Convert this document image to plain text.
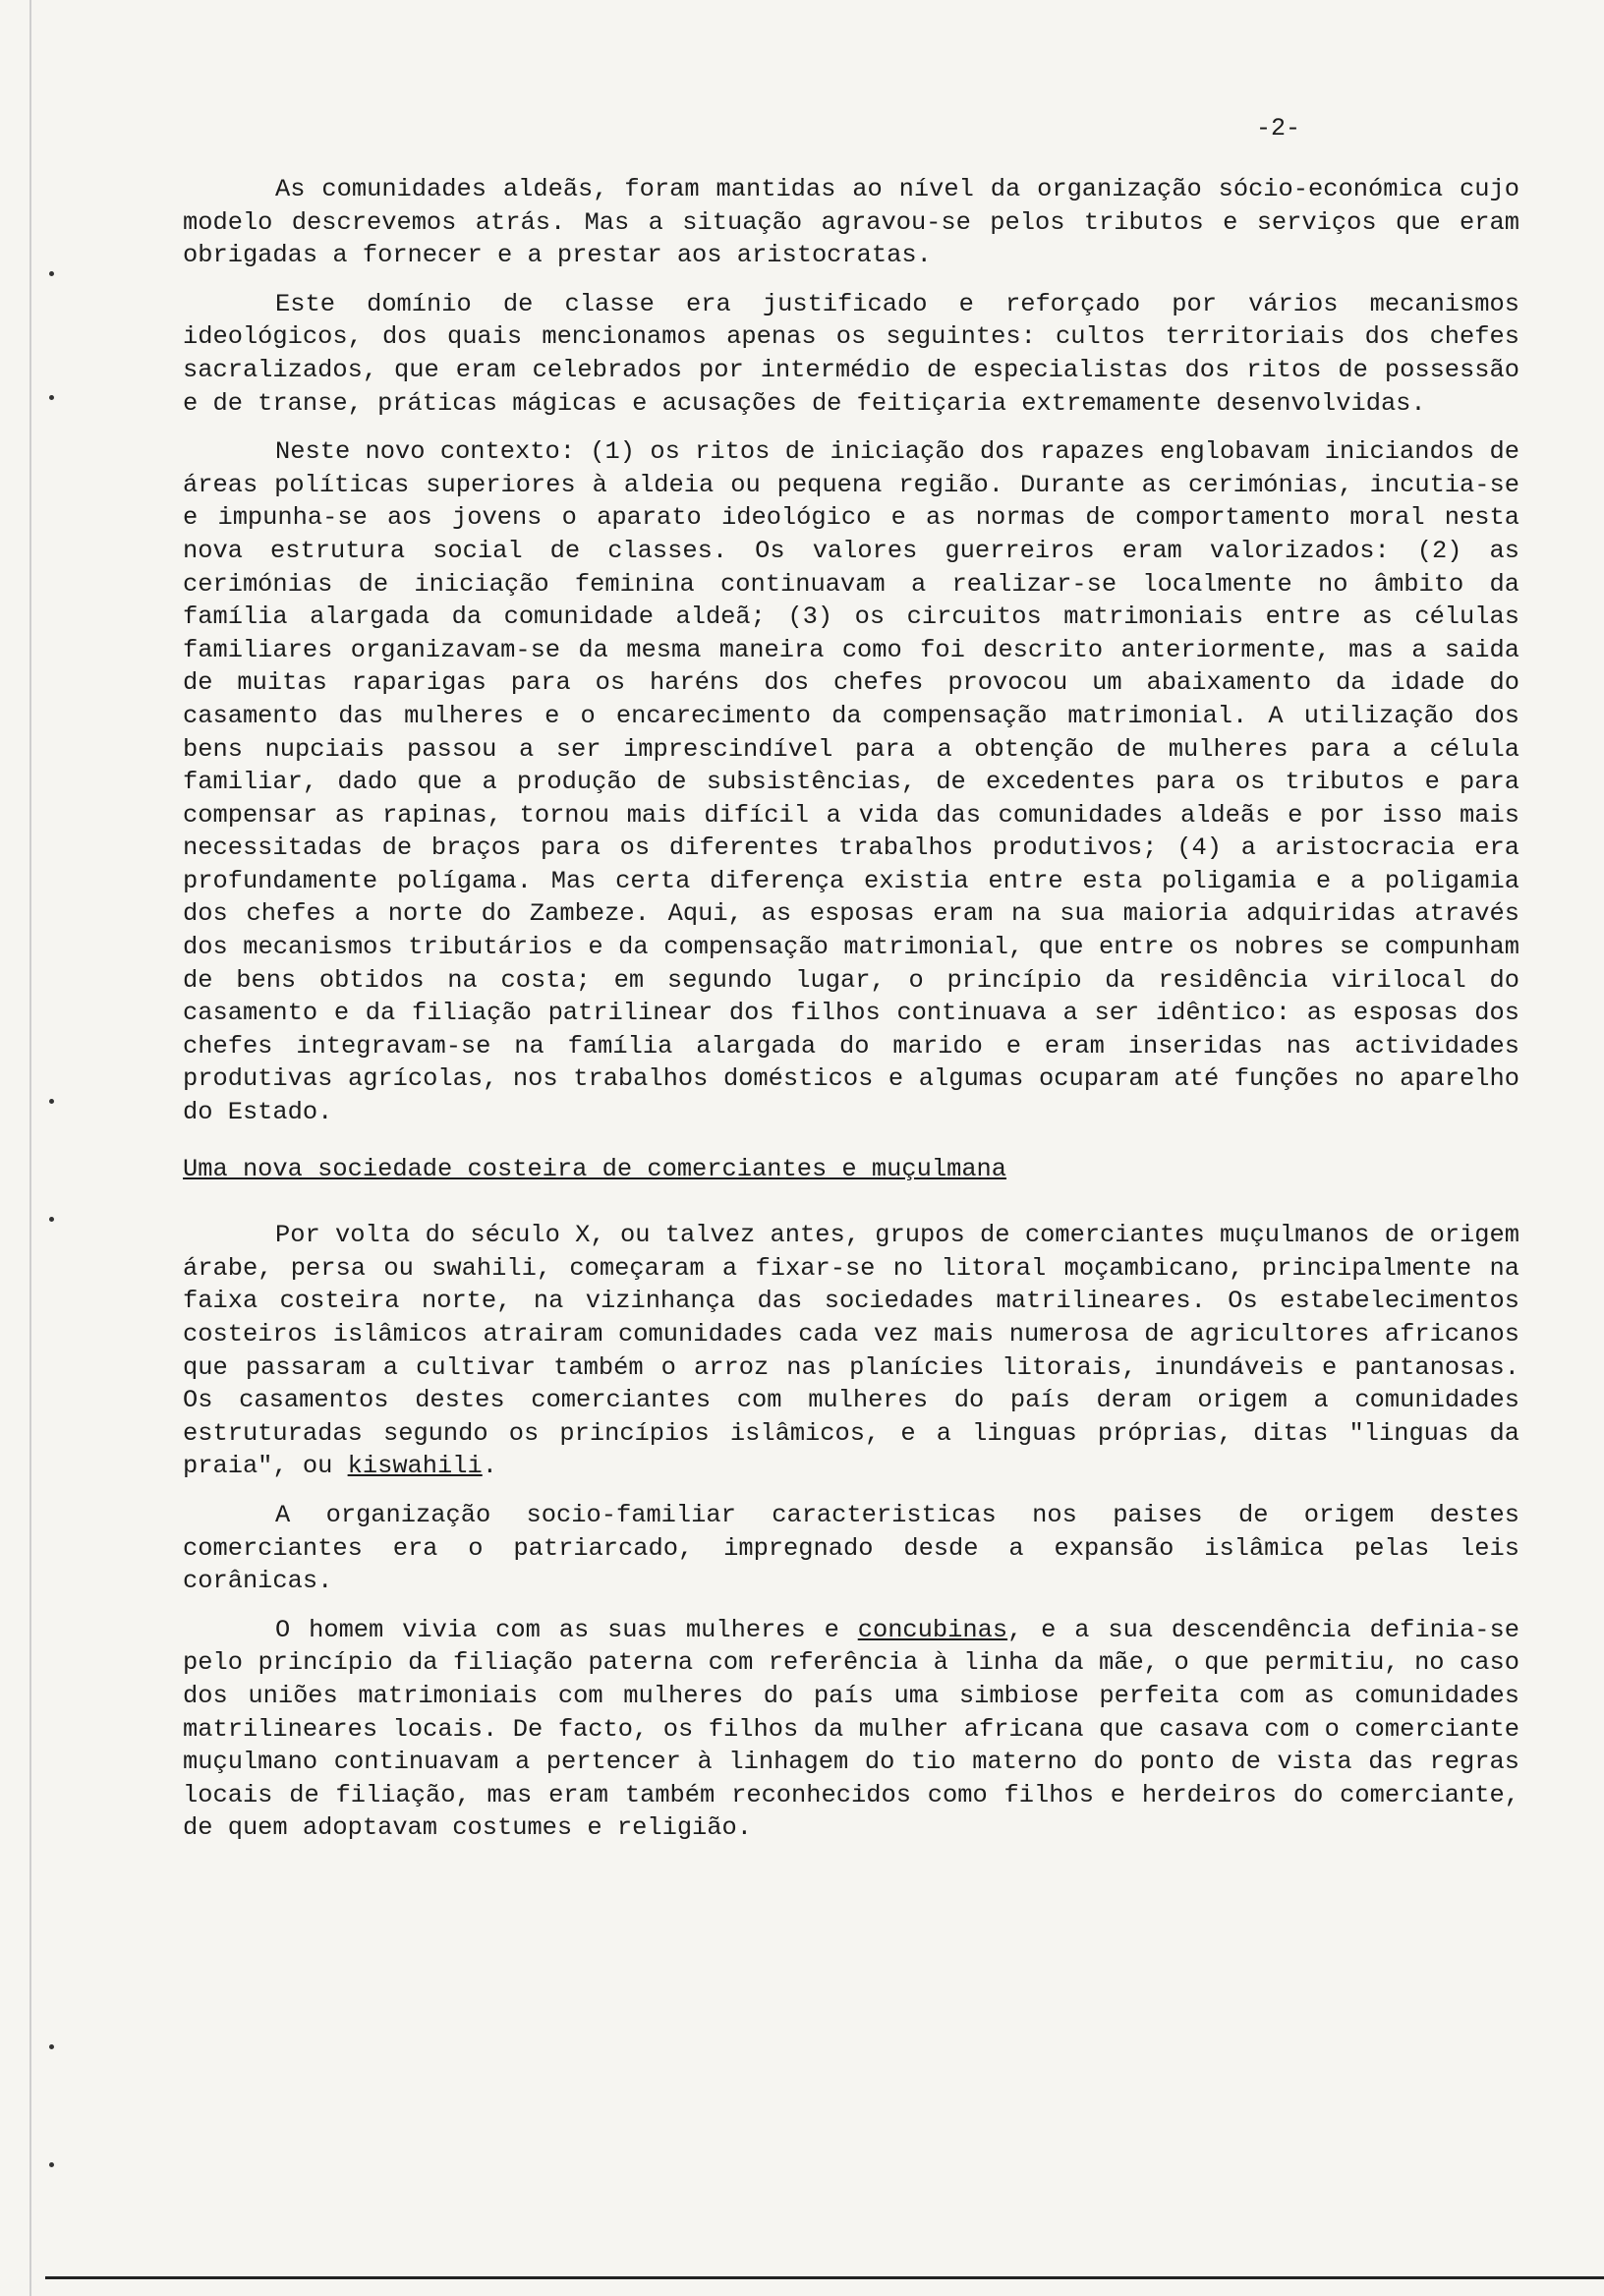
-2-

As comunidades aldeãs, foram mantidas ao nível da organização sócio-económica cujo modelo descrevemos atrás. Mas a situação agravou-se pelos tributos e serviços que eram obrigadas a fornecer e a prestar aos aristocratas.

Este domínio de classe era justificado e reforçado por vários mecanismos ideológicos, dos quais mencionamos apenas os seguintes: cultos territoriais dos chefes sacralizados, que eram celebrados por intermédio de especialistas dos ritos de possessão e de transe, práticas mágicas e acusações de feitiçaria extremamente desenvolvidas.

Neste novo contexto: (1) os ritos de iniciação dos rapazes englobavam iniciandos de áreas políticas superiores à aldeia ou pequena região. Durante as cerimónias, incutia-se e impunha-se aos jovens o aparato ideológico e as normas de comportamento moral nesta nova estrutura social de classes. Os valores guerreiros eram valorizados: (2) as cerimónias de iniciação feminina continuavam a realizar-se localmente no âmbito da família alargada da comunidade aldeã; (3) os circuitos matrimoniais entre as células familiares organizavam-se da mesma maneira como foi descrito anteriormente, mas a saida de muitas raparigas para os haréns dos chefes provocou um abaixamento da idade do casamento das mulheres e o encarecimento da compensação matrimonial. A utilização dos bens nupciais passou a ser imprescindível para a obtenção de mulheres para a célula familiar, dado que a produção de subsistências, de excedentes para os tributos e para compensar as rapinas, tornou mais difícil a vida das comunidades aldeãs e por isso mais necessitadas de braços para os diferentes trabalhos produtivos; (4) a aristocracia era profundamente polígama. Mas certa diferença existia entre esta poligamia e a poligamia dos chefes a norte do Zambeze. Aqui, as esposas eram na sua maioria adquiridas através dos mecanismos tributários e da compensação matrimonial, que entre os nobres se compunham de bens obtidos na costa; em segundo lugar, o princípio da residência virilocal do casamento e da filiação patrilinear dos filhos continuava a ser idêntico: as esposas dos chefes integravam-se na família alargada do marido e eram inseridas nas actividades produtivas agrícolas, nos trabalhos domésticos e algumas ocuparam até funções no aparelho do Estado.

Uma nova sociedade costeira de comerciantes e muçulmana

Por volta do século X, ou talvez antes, grupos de comerciantes muçulmanos de origem árabe, persa ou swahili, começaram a fixar-se no litoral moçambicano, principalmente na faixa costeira norte, na vizinhança das sociedades matrilineares. Os estabelecimentos costeiros islâmicos atrairam comunidades cada vez mais numerosa de agricultores africanos que passaram a cultivar também o arroz nas planícies litorais, inundáveis e pantanosas. Os casamentos destes comerciantes com mulheres do país deram origem a comunidades estruturadas segundo os princípios islâmicos, e a linguas próprias, ditas "linguas da praia", ou kiswahili.

A organização socio-familiar caracteristicas nos paises de origem destes comerciantes era o patriarcado, impregnado desde a expansão islâmica pelas leis corânicas.

O homem vivia com as suas mulheres e concubinas, e a sua descendência definia-se pelo princípio da filiação paterna com referência à linha da mãe, o que permitiu, no caso dos uniões matrimoniais com mulheres do país uma simbiose perfeita com as comunidades matrilineares locais. De facto, os filhos da mulher africana que casava com o comerciante muçulmano continuavam a pertencer à linhagem do tio materno do ponto de vista das regras locais de filiação, mas eram também reconhecidos como filhos e herdeiros do comerciante, de quem adoptavam costumes e religião.
